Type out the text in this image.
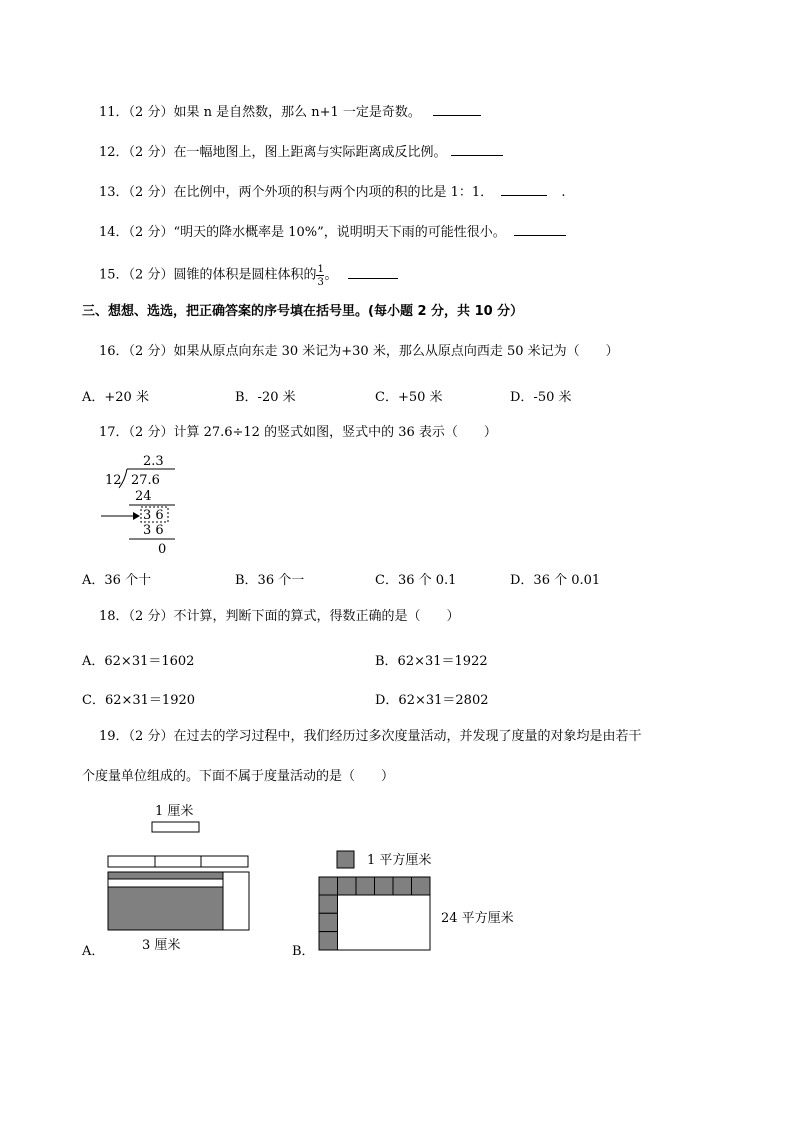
11．（2 分）如果 n 是自然数，那么 n+1 一定是奇数。
12．（2 分）在一幅地图上，图上距离与实际距离成反比例。
13．（2 分）在比例中，两个外项的积与两个内项的积的比是 1：1．	.
14．（2 分）“明天的降水概率是 10%”，说明明天下雨的可能性很小。
15．（2 分）圆锥的体积是圆柱体积的 $\frac{1}{3}$ 。
三、想想、选选，把正确答案的序号填在括号里。(每小题 2 分，共 10 分）
16．（2 分）如果从原点向东走 30 米记为+30 米，那么从原点向西走 50 米记为（　　）
A．+20 米	B．-20 米	C．+50 米	D．-50 米
17．（2 分）计算 27.6÷12 的竖式如图，竖式中的 36 表示（　　）
2.3
12 27.6
24
3 6
3 6
0
A．36 个十	B．36 个一	C．36 个 0.1	D．36 个 0.01
18．（2 分）不计算，判断下面的算式，得数正确的是（　　）
A．62×31＝1602	B．62×31＝1922
C．62×31＝1920	D．62×31＝2802
19．（2 分）在过去的学习过程中，我们经历过多次度量活动，并发现了度量的对象均是由若干
个度量单位组成的。下面不属于度量活动的是（　　）
1 厘米
3 厘米
A．
1 平方厘米
24 平方厘米
B．
